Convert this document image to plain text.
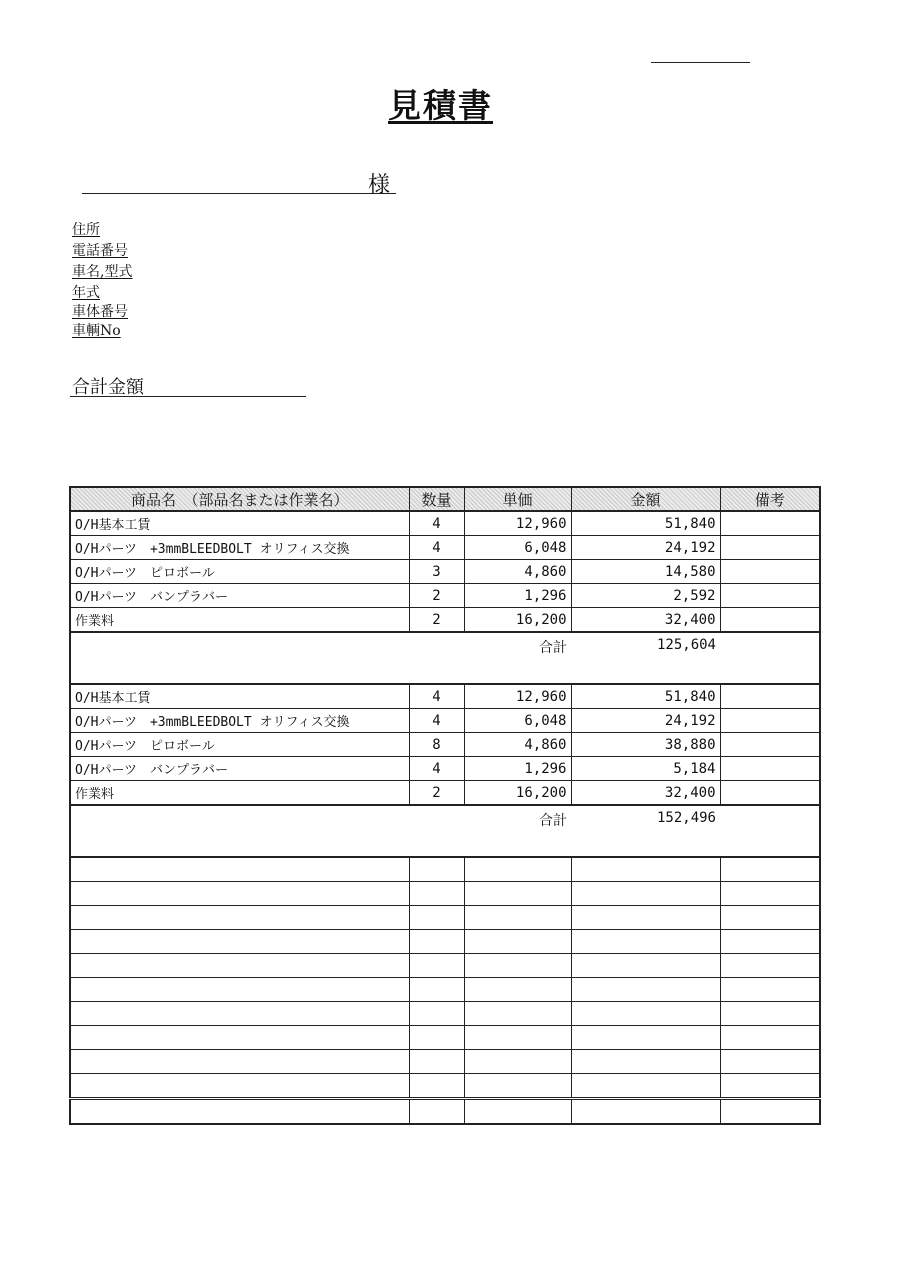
見積書
様
住所
電話番号
車名,型式
年式
車体番号
車輌No
合計金額
商品名　（部品名または作業名）	数量	単価	金額	備考
O/H基本工賃	4	12,960	51,840	
O/Hパーツ　+3mmBLEEDBOLT オリフィス交換	4	6,048	24,192	
O/Hパーツ　ピロボール	3	4,860	14,580	
O/Hパーツ　バンプラバー	2	1,296	2,592	
作業料	2	16,200	32,400	
		合計	125,604	
O/H基本工賃	4	12,960	51,840	
O/Hパーツ　+3mmBLEEDBOLT オリフィス交換	4	6,048	24,192	
O/Hパーツ　ピロボール	8	4,860	38,880	
O/Hパーツ　バンプラバー	4	1,296	5,184	
作業料	2	16,200	32,400	
		合計	152,496	
